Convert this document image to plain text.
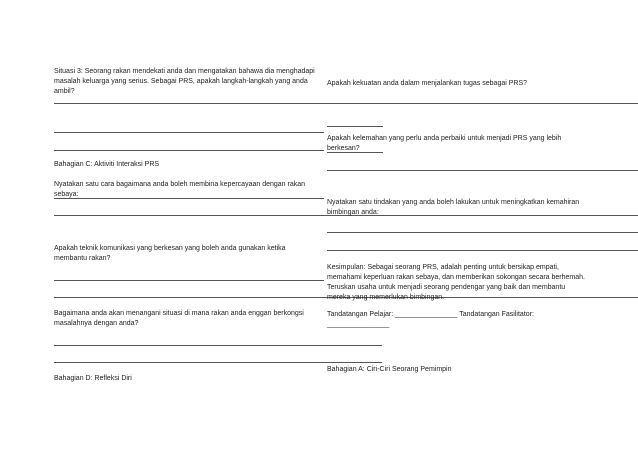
Situasi 3: Seorang rakan mendekati anda dan mengatakan bahawa dia menghadapi
masalah keluarga yang serius. Sebagai PRS, apakah langkah-langkah yang anda
ambil?
Bahagian C: Aktiviti Interaksi PRS
Nyatakan satu cara bagaimana anda boleh membina kepercayaan dengan rakan
sebaya:
Apakah teknik komunikasi yang berkesan yang boleh anda gunakan ketika
membantu rakan?
Bagaimana anda akan menangani situasi di mana rakan anda enggan berkongsi
masalahnya dengan anda?
Bahagian D: Refleksi Diri
Apakah kekuatan anda dalam menjalankan tugas sebagai PRS?
Apakah kelemahan yang perlu anda perbaiki untuk menjadi PRS yang lebih
berkesan?
Nyatakan satu tindakan yang anda boleh lakukan untuk meningkatkan kemahiran
bimbingan anda:
Kesimpulan: Sebagai seorang PRS, adalah penting untuk bersikap empati,
memahami keperluan rakan sebaya, dan memberikan sokongan secara berhemah.
Teruskan usaha untuk menjadi seorang pendengar yang baik dan membantu
mereka yang memerlukan bimbingan.
Tandatangan Pelajar: ________________ Tandatangan Fasilitator:
________________
Bahagian A: Ciri-Ciri Seorang Pemimpin
